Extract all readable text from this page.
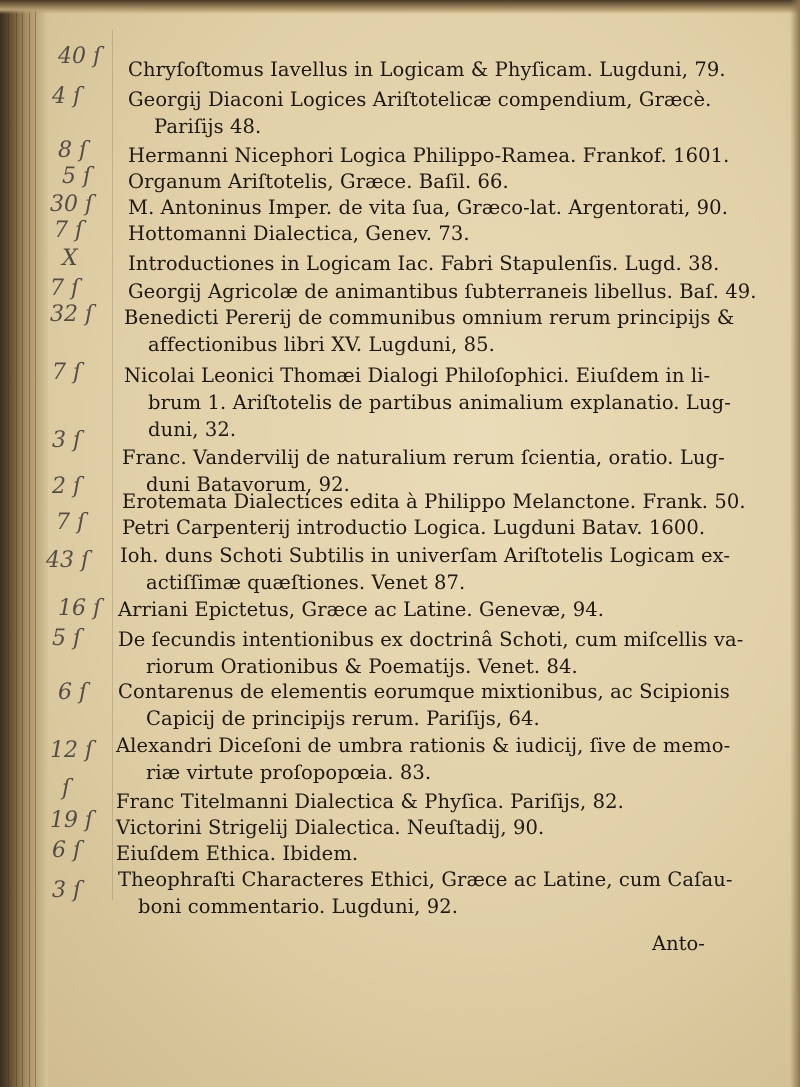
Chryſoſtomus Iavellus in Logicam & Phyſicam. Lugduni, 79.
40 ſ
Georgij Diaconi Logices Ariſtotelicæ compendium, Græcè.
Pariſijs 48.
4 ſ
Hermanni Nicephori Logica Philippo-Ramea. Frankof. 1601.
8 ſ
Organum Ariſtotelis, Græce. Baſil. 66.
5 ſ
M. Antoninus Imper. de vita ſua, Græco-lat. Argentorati, 90.
30 ſ
Hottomanni Dialectica, Genev. 73.
7 ſ
Introductiones in Logicam Iac. Fabri Stapulenſis. Lugd. 38.
X
Georgij Agricolæ de animantibus ſubterraneis libellus. Baſ. 49.
7 ſ
Benedicti Pererij de communibus omnium rerum principijs &
affectionibus libri XV. Lugduni, 85.
32 ſ
Nicolai Leonici Thomæi Dialogi Philoſophici. Eiuſdem in li-
brum 1. Ariſtotelis de partibus animalium explanatio. Lug-
duni, 32.
7 ſ
Franc. Vandervilij de naturalium rerum ſcientia, oratio. Lug-
duni Batavorum, 92.
3 ſ
Erotemata Dialectices edita à Philippo Melanctone. Frank. 50.
2 ſ
Petri Carpenterij introductio Logica. Lugduni Batav. 1600.
7 ſ
Ioh. duns Schoti Subtilis in univerſam Ariſtotelis Logicam ex-
actiſſimæ quæſtiones. Venet 87.
43 ſ
Arriani Epictetus, Græce ac Latine. Genevæ, 94.
16 ſ
De ſecundis intentionibus ex doctrinâ Schoti, cum miſcellis va-
riorum Orationibus & Poematijs. Venet. 84.
5 ſ
Contarenus de elementis eorumque mixtionibus, ac Scipionis
Capicij de principijs rerum. Pariſijs, 64.
6 ſ
Alexandri Diceſoni de umbra rationis & iudicij, ſive de memo-
riæ virtute proſopopœia. 83.
12 ſ
Franc Titelmanni Dialectica & Phyſica. Pariſijs, 82.
ſ
Victorini Strigelij Dialectica. Neuſtadij, 90.
19 ſ
Eiuſdem Ethica. Ibidem.
6 ſ
Theophraſti Characteres Ethici, Græce ac Latine, cum Caſau-
boni commentario. Lugduni, 92.
3 ſ
Anto-
